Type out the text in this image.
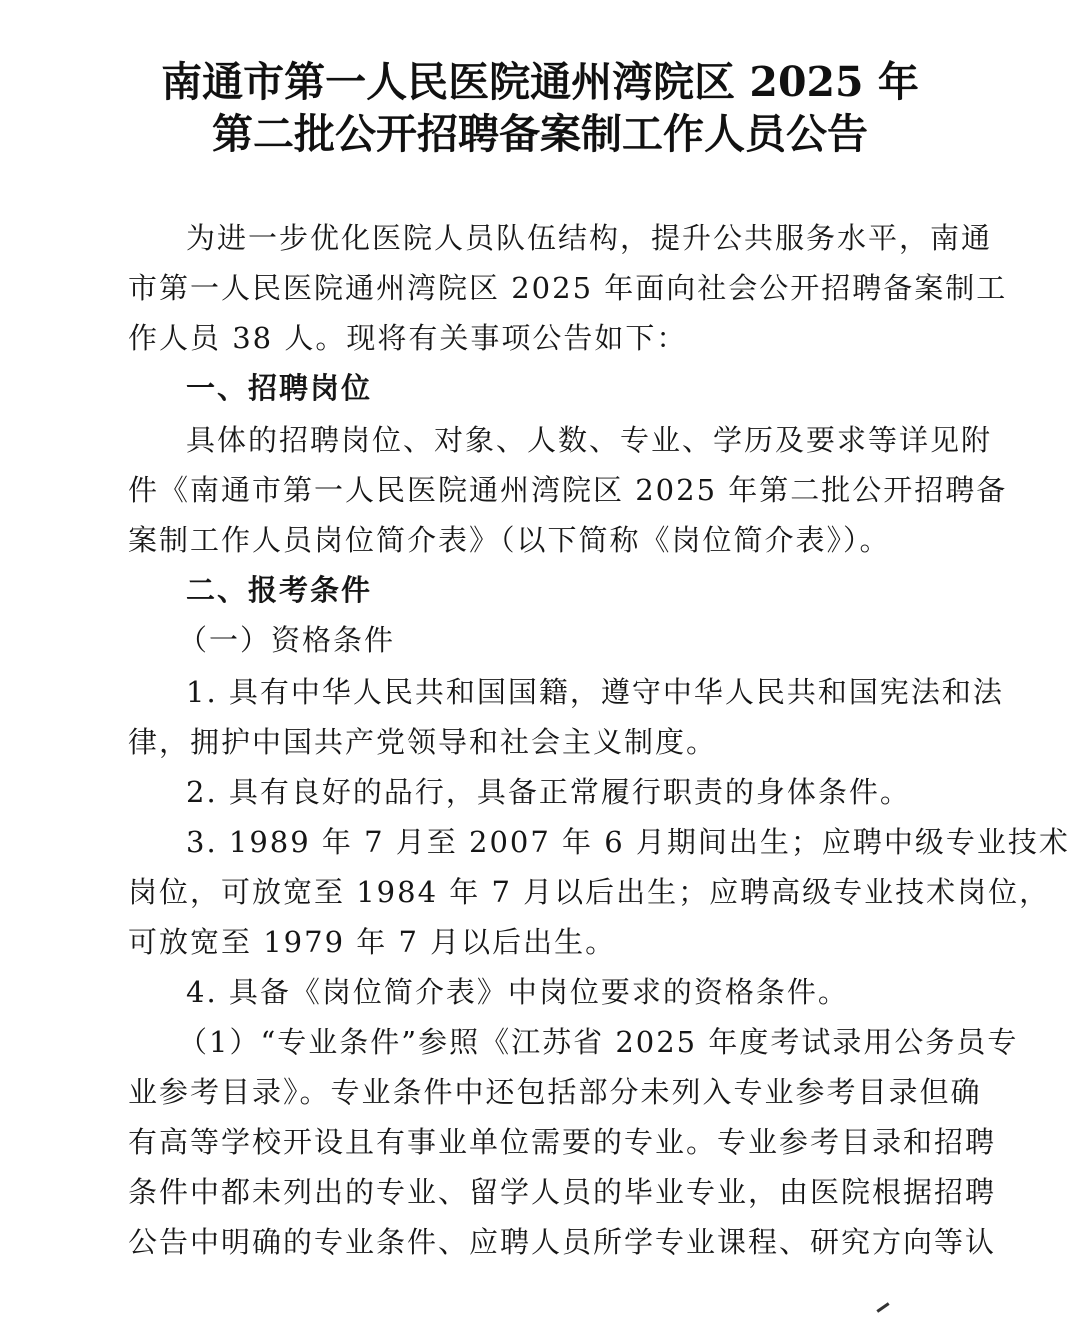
南通市第一人民医院通州湾院区 2025 年
第二批公开招聘备案制工作人员公告
为进一步优化医院人员队伍结构，提升公共服务水平，南通
市第一人民医院通州湾院区 2025 年面向社会公开招聘备案制工
作人员 38 人。现将有关事项公告如下：
一、招聘岗位
具体的招聘岗位、对象、人数、专业、学历及要求等详见附
件《南通市第一人民医院通州湾院区 2025 年第二批公开招聘备
案制工作人员岗位简介表》（以下简称《岗位简介表》）。
二、报考条件
（一）资格条件
1. 具有中华人民共和国国籍，遵守中华人民共和国宪法和法
律，拥护中国共产党领导和社会主义制度。
2. 具有良好的品行，具备正常履行职责的身体条件。
3. 1989 年 7 月至 2007 年 6 月期间出生；应聘中级专业技术
岗位，可放宽至 1984 年 7 月以后出生；应聘高级专业技术岗位，
可放宽至 1979 年 7 月以后出生。
4. 具备《岗位简介表》中岗位要求的资格条件。
（1）“专业条件”参照《江苏省 2025 年度考试录用公务员专
业参考目录》。专业条件中还包括部分未列入专业参考目录但确
有高等学校开设且有事业单位需要的专业。专业参考目录和招聘
条件中都未列出的专业、留学人员的毕业专业，由医院根据招聘
公告中明确的专业条件、应聘人员所学专业课程、研究方向等认
